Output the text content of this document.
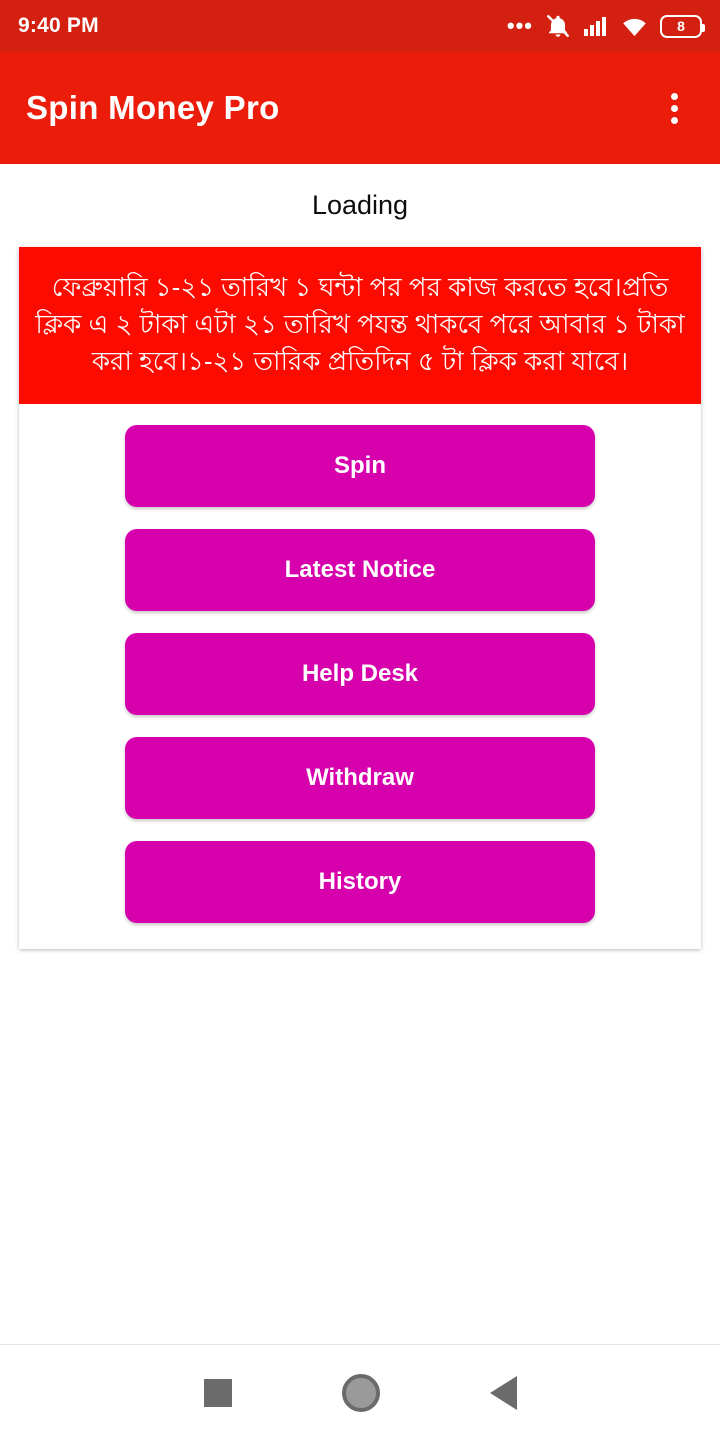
9:40 PM	•••	8
Spin Money Pro
Loading
ফেব্রুয়ারি ১-২১ তারিখ ১ ঘন্টা পর পর কাজ করতে হবে।প্রতি ক্লিক এ ২ টাকা এটা ২১ তারিখ পযন্ত থাকবে পরে আবার ১ টাকা করা হবে।১-২১ তারিক প্রতিদিন ৫ টা ক্লিক করা যাবে।
Spin
Latest Notice
Help Desk
Withdraw
History
